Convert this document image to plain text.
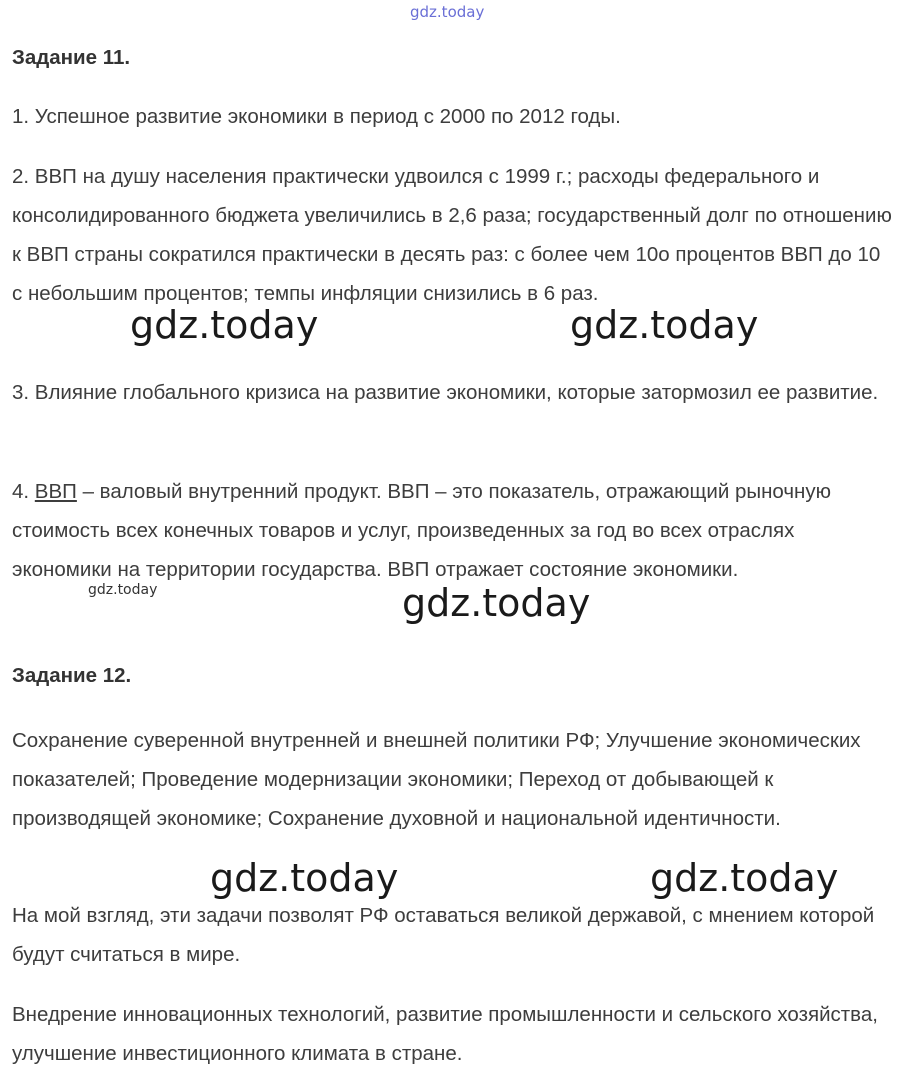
gdz.today
Задание 11.

1. Успешное развитие экономики в период с 2000 по 2012 годы.

2. ВВП на душу населения практически удвоился с 1999 г.; расходы федерального и консолидированного бюджета увеличились в 2,6 раза; государственный долг по отношению к ВВП страны сократился практически в десять раз: с более чем 10о процентов ВВП до 10 с небольшим процентов; темпы инфляции снизились в 6 раз.

3. Влияние глобального кризиса на развитие экономики, которые затормозил ее развитие.

4. ВВП – валовый внутренний продукт. ВВП – это показатель, отражающий рыночную стоимость всех конечных товаров и услуг, произведенных за год во всех отраслях экономики на территории государства. ВВП отражает состояние экономики.

Задание 12.

Сохранение суверенной внутренней и внешней политики РФ; Улучшение экономических показателей; Проведение модернизации экономики; Переход от добывающей к производящей экономике; Сохранение духовной и национальной идентичности.

На мой взгляд, эти задачи позволят РФ оставаться великой державой, с мнением которой будут считаться в мире.

Внедрение инновационных технологий, развитие промышленности и сельского хозяйства, улучшение инвестиционного климата в стране.

gdz.today	gdz.today
gdz.today	gdz.today
gdz.today	gdz.today
